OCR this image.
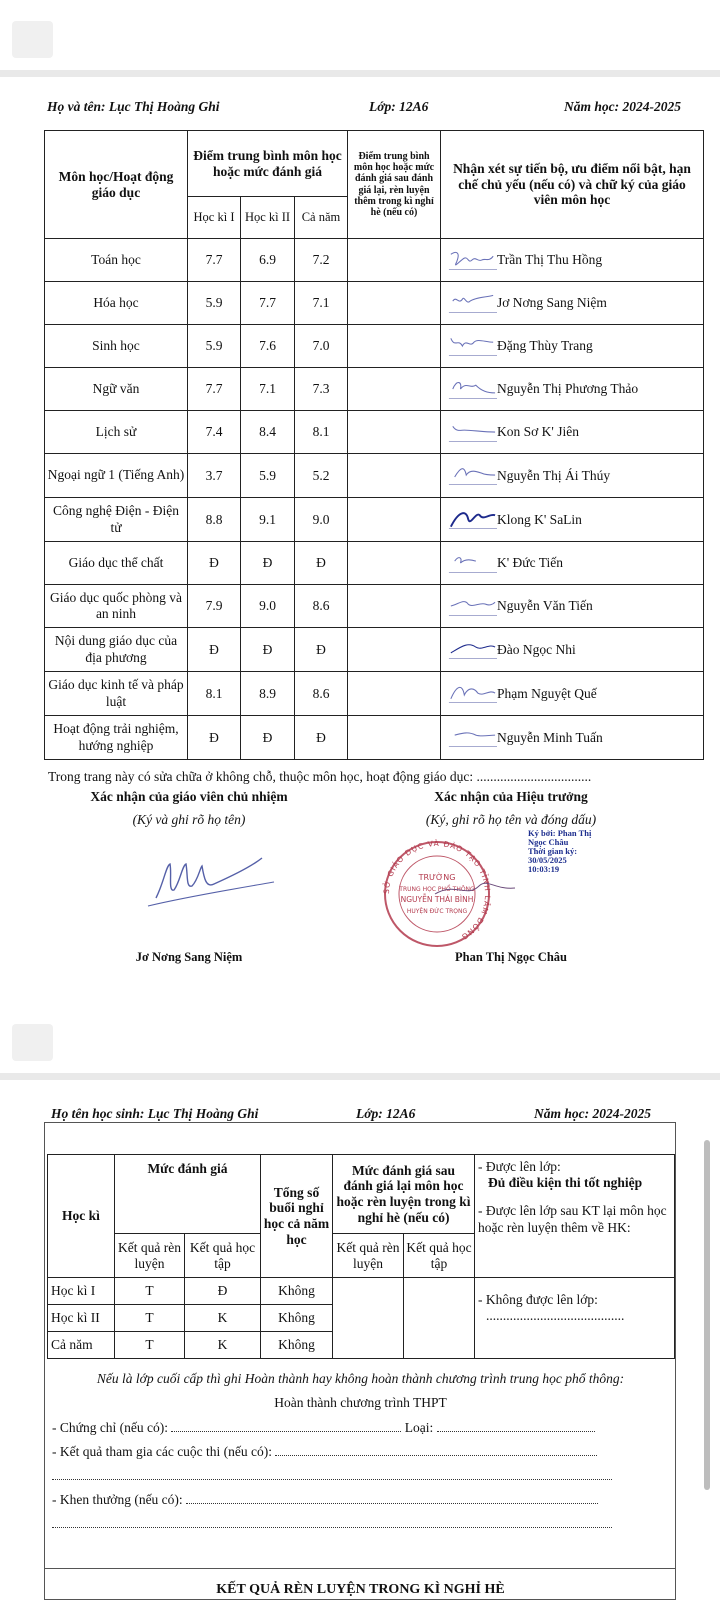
Họ và tên: Lục Thị Hoàng Ghi	Lớp: 12A6	Năm học: 2024-2025
Môn học/Hoạt động giáo dục	Điểm trung bình môn học hoặc mức đánh giá			Điểm trung bình môn học hoặc mức đánh giá sau đánh giá lại, rèn luyện thêm trong kì nghỉ hè (nếu có)	Nhận xét sự tiến bộ, ưu điểm nổi bật, hạn chế chủ yếu (nếu có) và chữ ký của giáo viên môn học
	Học kì I	Học kì II	Cả năm		
Toán học	7.7	6.9	7.2		Trần Thị Thu Hồng
Hóa học	5.9	7.7	7.1		Jơ Nơng Sang Niệm
Sinh học	5.9	7.6	7.0		Đặng Thùy Trang
Ngữ văn	7.7	7.1	7.3		Nguyễn Thị Phương Thảo
Lịch sử	7.4	8.4	8.1		Kon Sơ K' Jiên
Ngoại ngữ 1 (Tiếng Anh)	3.7	5.9	5.2		Nguyễn Thị Ái Thúy
Công nghệ Điện - Điện tử	8.8	9.1	9.0		Klong K' SaLin
Giáo dục thể chất	Đ	Đ	Đ		K' Đức Tiến
Giáo dục quốc phòng và an ninh	7.9	9.0	8.6		Nguyễn Văn Tiến
Nội dung giáo dục của địa phương	Đ	Đ	Đ		Đào Ngọc Nhi
Giáo dục kinh tế và pháp luật	8.1	8.9	8.6		Phạm Nguyệt Quế
Hoạt động trải nghiệm, hướng nghiệp	Đ	Đ	Đ		Nguyễn Minh Tuấn
Trong trang này có sửa chữa ở không chỗ, thuộc môn học, hoạt động giáo dục: ..................................
Xác nhận của giáo viên chủ nhiệm
(Ký và ghi rõ họ tên)
Xác nhận của Hiệu trưởng
(Ký, ghi rõ họ tên và đóng dấu)
Ký bởi: Phan Thị
Ngọc Châu
Thời gian ký:
30/05/2025
10:03:19
SỞ GIÁO DỤC VÀ ĐÀO TẠO TỈNH LÂM ĐỒNG
TRƯỜNG
TRUNG HỌC PHỔ THÔNG
NGUYỄN THÁI BÌNH
HUYỆN ĐỨC TRỌNG
Jơ Nơng Sang Niệm	Phan Thị Ngọc Châu
Họ tên học sinh: Lục Thị Hoàng Ghi	Lớp: 12A6	Năm học: 2024-2025
Học kì	Mức đánh giá		Tổng số buổi nghỉ học cả năm học	Mức đánh giá sau đánh giá lại môn học hoặc rèn luyện trong kì nghỉ hè (nếu có)		- Được lên lớp:
Đủ điều kiện thi tốt nghiệp
- Được lên lớp sau KT lại môn học hoặc rèn luyện thêm về HK:

	Kết quả rèn luyện	Kết quả học tập		Kết quả rèn luyện	Kết quả học tập	
Học kì I	T	Đ	Không			- Không được lên lớp:
.........................................

Học kì II	T	K	Không			
Cả năm	T	K	Không			
Nếu là lớp cuối cấp thì ghi Hoàn thành hay không hoàn thành chương trình trung học phổ thông:
Hoàn thành chương trình THPT
- Chứng chỉ (nếu có):	Loại:
- Kết quả tham gia các cuộc thi (nếu có):
- Khen thưởng (nếu có):
KẾT QUẢ RÈN LUYỆN TRONG KÌ NGHỈ HÈ
